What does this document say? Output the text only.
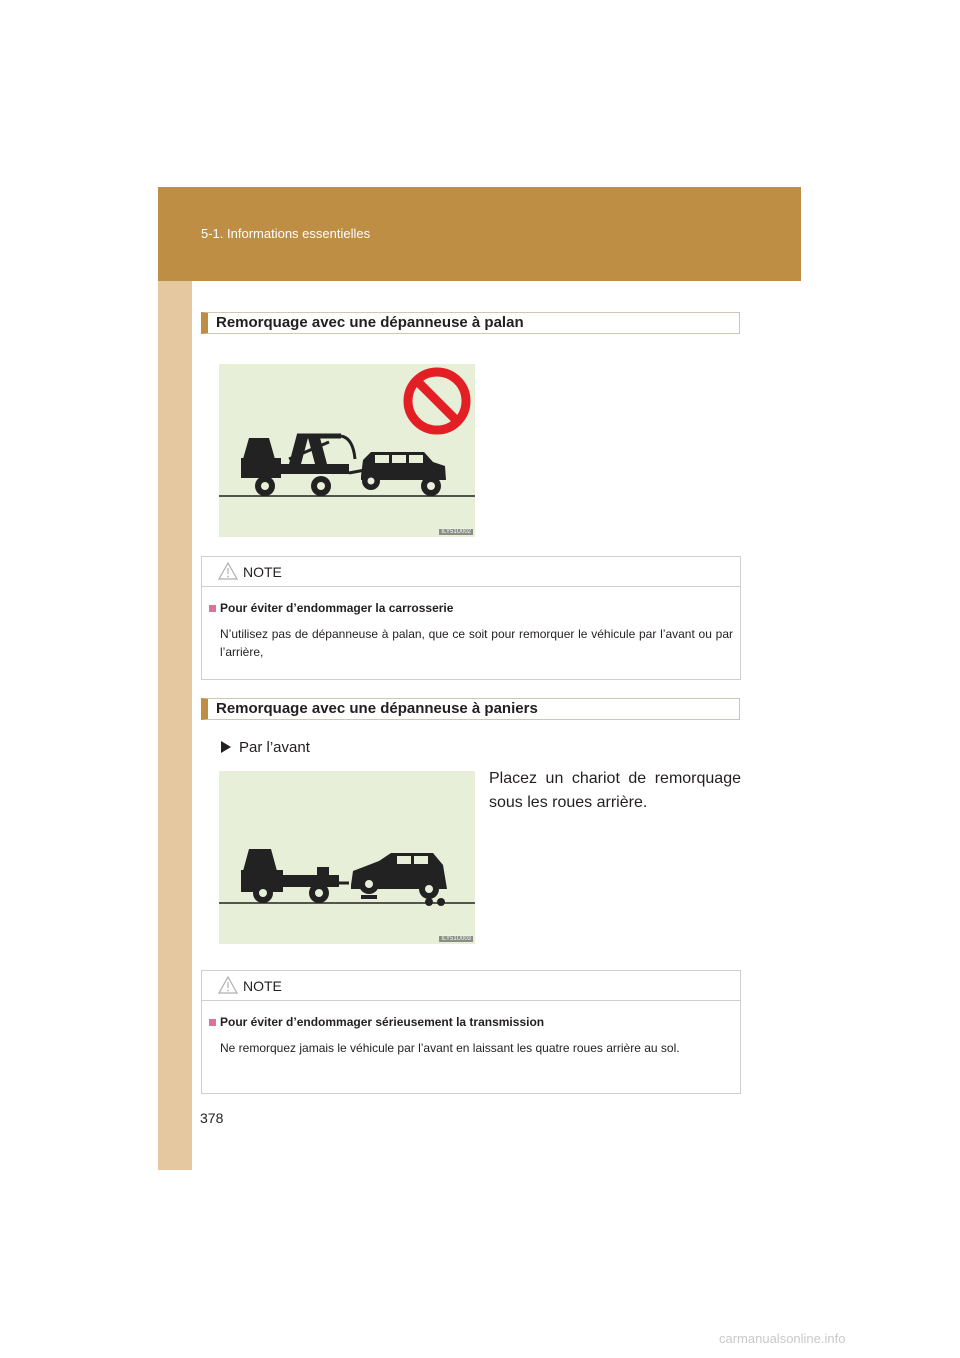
5-1. Informations essentielles
Remorquage avec une dépanneuse à palan
ILY51U002
NOTE
Pour éviter d’endommager la carrosserie
N’utilisez pas de dépanneuse à palan, que ce soit pour remorquer le véhicule par l’avant ou par l’arrière,
Remorquage avec une dépanneuse à paniers
Par l’avant
Placez un chariot de remorquage sous les roues arrière.
ILY51U003
NOTE
Pour éviter d’endommager sérieusement la transmission
Ne remorquez jamais le véhicule par l’avant en laissant les quatre roues arrière au sol.
378
carmanualsonline.info
